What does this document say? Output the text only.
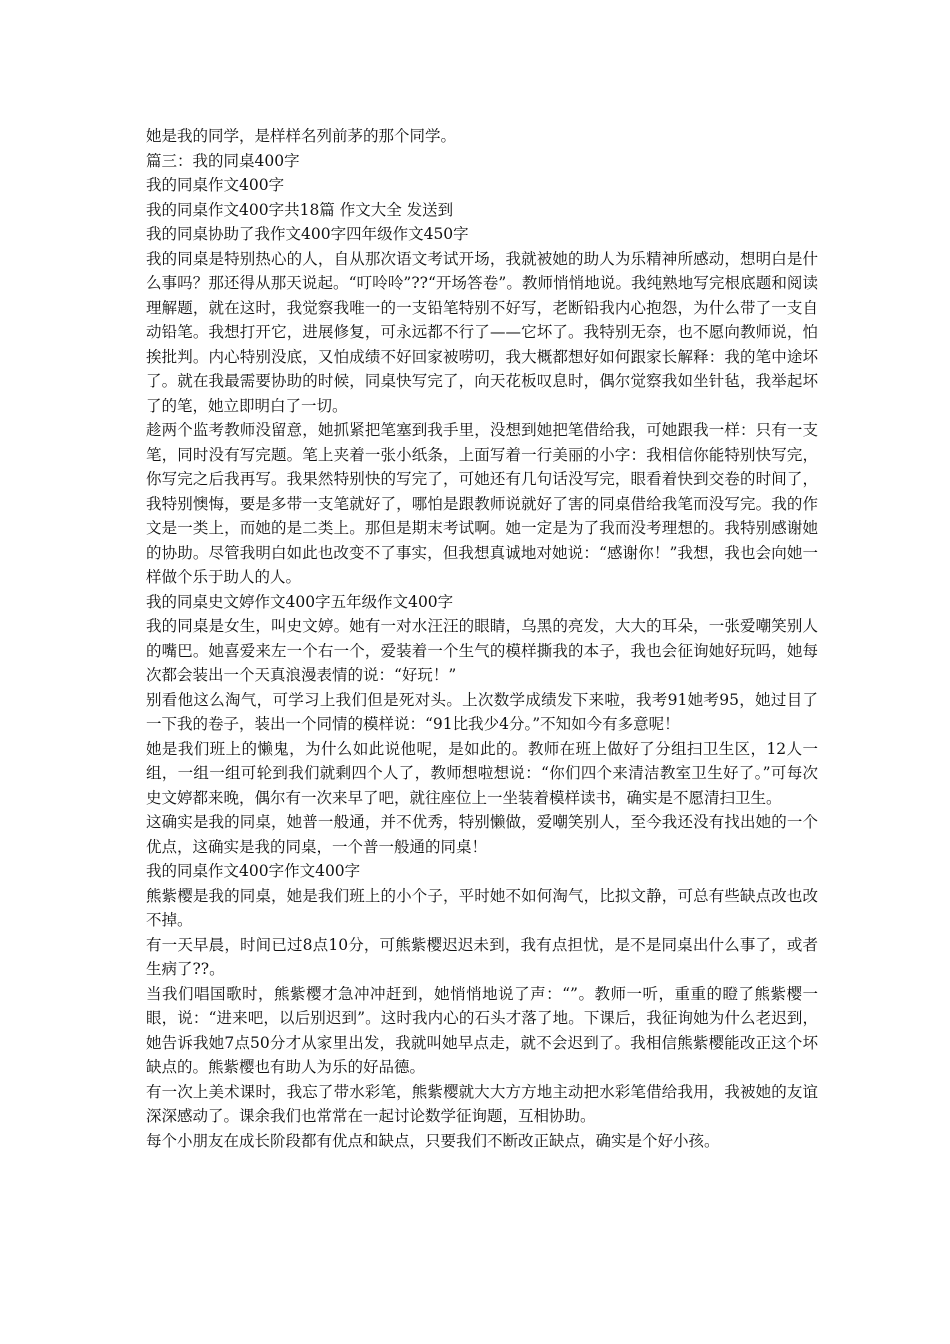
她是我的同学，是样样名列前茅的那个同学。

篇三：我的同桌400字

我的同桌作文400字

我的同桌作文400字共18篇 作文大全 发送到

我的同桌协助了我作文400字四年级作文450字

我的同桌是特别热心的人，自从那次语文考试开场，我就被她的助人为乐精神所感动，想明白是什么事吗？那还得从那天说起。“叮呤呤”??“开场答卷”。教师悄悄地说。我纯熟地写完根底题和阅读理解题，就在这时，我觉察我唯一的一支铅笔特别不好写，老断铅我内心抱怨，为什么带了一支自动铅笔。我想打开它，进展修复，可永远都不行了——它坏了。我特别无奈，也不愿向教师说，怕挨批判。内心特别没底，又怕成绩不好回家被唠叨，我大概都想好如何跟家长解释：我的笔中途坏了。就在我最需要协助的时候，同桌快写完了，向天花板叹息时，偶尔觉察我如坐针毡，我举起坏了的笔，她立即明白了一切。

趁两个监考教师没留意，她抓紧把笔塞到我手里，没想到她把笔借给我，可她跟我一样：只有一支笔，同时没有写完题。笔上夹着一张小纸条，上面写着一行美丽的小字：我相信你能特别快写完，你写完之后我再写。我果然特别快的写完了，可她还有几句话没写完，眼看着快到交卷的时间了，我特别懊悔，要是多带一支笔就好了，哪怕是跟教师说就好了害的同桌借给我笔而没写完。我的作文是一类上，而她的是二类上。那但是期末考试啊。她一定是为了我而没考理想的。我特别感谢她的协助。尽管我明白如此也改变不了事实，但我想真诚地对她说：“感谢你！”我想，我也会向她一样做个乐于助人的人。

我的同桌史文婷作文400字五年级作文400字

我的同桌是女生，叫史文婷。她有一对水汪汪的眼睛，乌黑的亮发，大大的耳朵，一张爱嘲笑别人的嘴巴。她喜爱来左一个右一个，爱装着一个生气的模样撕我的本子，我也会征询她好玩吗，她每次都会装出一个天真浪漫表情的说：“好玩！”

别看他这么淘气，可学习上我们但是死对头。上次数学成绩发下来啦，我考91她考95，她过目了一下我的卷子，装出一个同情的模样说：“91比我少4分。”不知如今有多意呢！

她是我们班上的懒鬼，为什么如此说他呢，是如此的。教师在班上做好了分组扫卫生区，12人一组，一组一组可轮到我们就剩四个人了，教师想啦想说：“你们四个来清洁教室卫生好了。”可每次史文婷都来晚，偶尔有一次来早了吧，就往座位上一坐装着模样读书，确实是不愿清扫卫生。

这确实是我的同桌，她普一般通，并不优秀，特别懒做，爱嘲笑别人，至今我还没有找出她的一个优点，这确实是我的同桌，一个普一般通的同桌！

我的同桌作文400字作文400字

熊紫樱是我的同桌，她是我们班上的小个子，平时她不如何淘气，比拟文静，可总有些缺点改也改不掉。

有一天早晨，时间已过8点10分，可熊紫樱迟迟未到，我有点担忧，是不是同桌出什么事了，或者生病了??。

当我们唱国歌时，熊紫樱才急冲冲赶到，她悄悄地说了声：“”。教师一听，重重的瞪了熊紫樱一眼，说：“进来吧，以后别迟到”。这时我内心的石头才落了地。下课后，我征询她为什么老迟到，她告诉我她7点50分才从家里出发，我就叫她早点走，就不会迟到了。我相信熊紫樱能改正这个坏缺点的。熊紫樱也有助人为乐的好品德。

有一次上美术课时，我忘了带水彩笔，熊紫樱就大大方方地主动把水彩笔借给我用，我被她的友谊深深感动了。课余我们也常常在一起讨论数学征询题，互相协助。

每个小朋友在成长阶段都有优点和缺点，只要我们不断改正缺点，确实是个好小孩。
